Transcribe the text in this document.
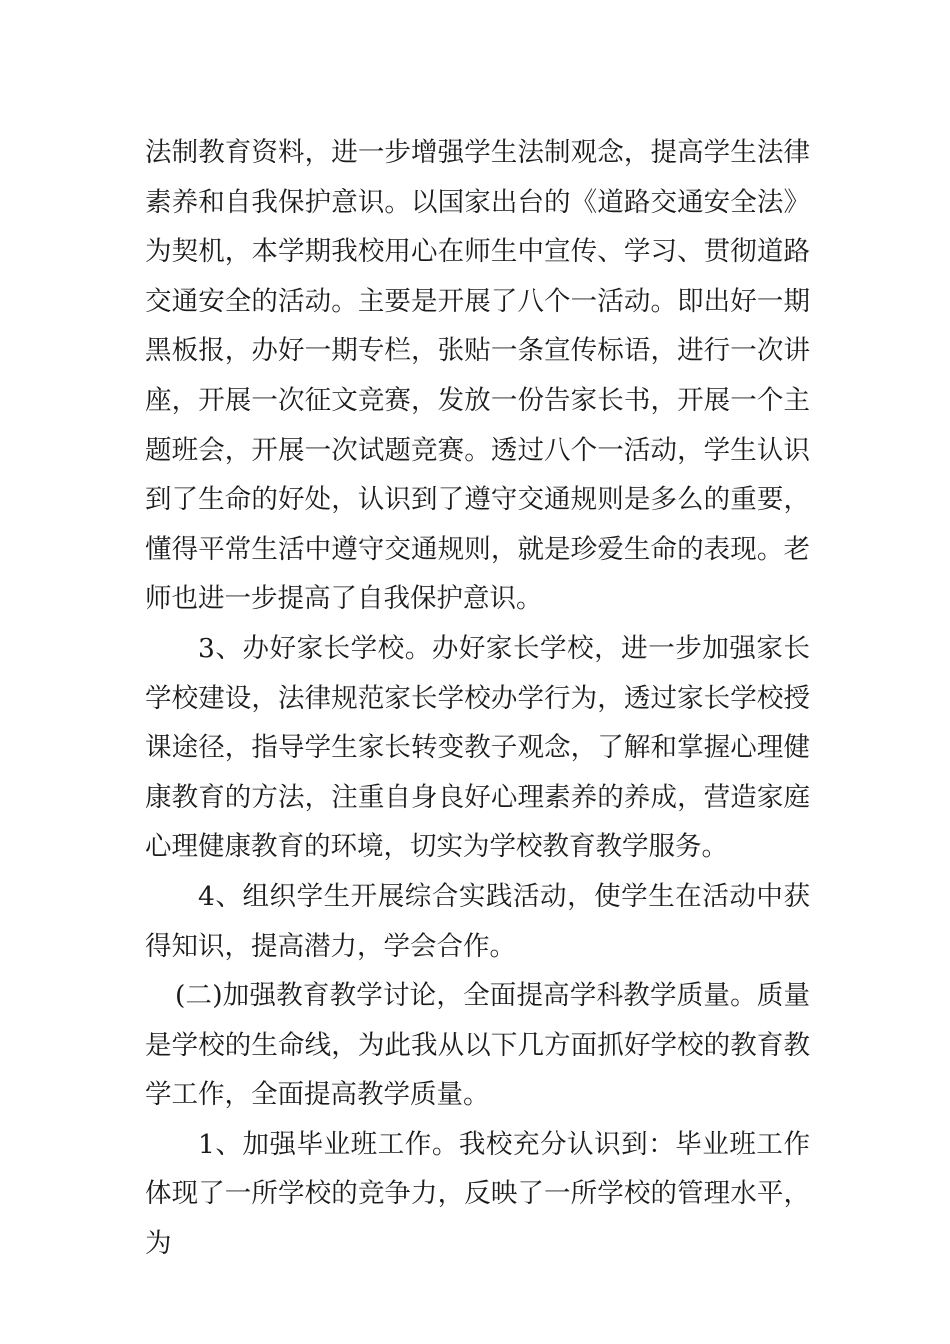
法制教育资料，进一步增强学生法制观念，提高学生法律素养和自我保护意识。以国家出台的《道路交通安全法》为契机，本学期我校用心在师生中宣传、学习、贯彻道路交通安全的活动。主要是开展了八个一活动。即出好一期黑板报，办好一期专栏，张贴一条宣传标语，进行一次讲座，开展一次征文竞赛，发放一份告家长书，开展一个主题班会，开展一次试题竞赛。透过八个一活动，学生认识到了生命的好处，认识到了遵守交通规则是多么的重要，懂得平常生活中遵守交通规则，就是珍爱生命的表现。老师也进一步提高了自我保护意识。

3、办好家长学校。办好家长学校，进一步加强家长学校建设，法律规范家长学校办学行为，透过家长学校授课途径，指导学生家长转变教子观念，了解和掌握心理健康教育的方法，注重自身良好心理素养的养成，营造家庭心理健康教育的环境，切实为学校教育教学服务。

4、组织学生开展综合实践活动，使学生在活动中获得知识，提高潜力，学会合作。

(二)加强教育教学讨论，全面提高学科教学质量。质量是学校的生命线，为此我从以下几方面抓好学校的教育教学工作，全面提高教学质量。

1、加强毕业班工作。我校充分认识到：毕业班工作体现了一所学校的竞争力，反映了一所学校的管理水平，为
